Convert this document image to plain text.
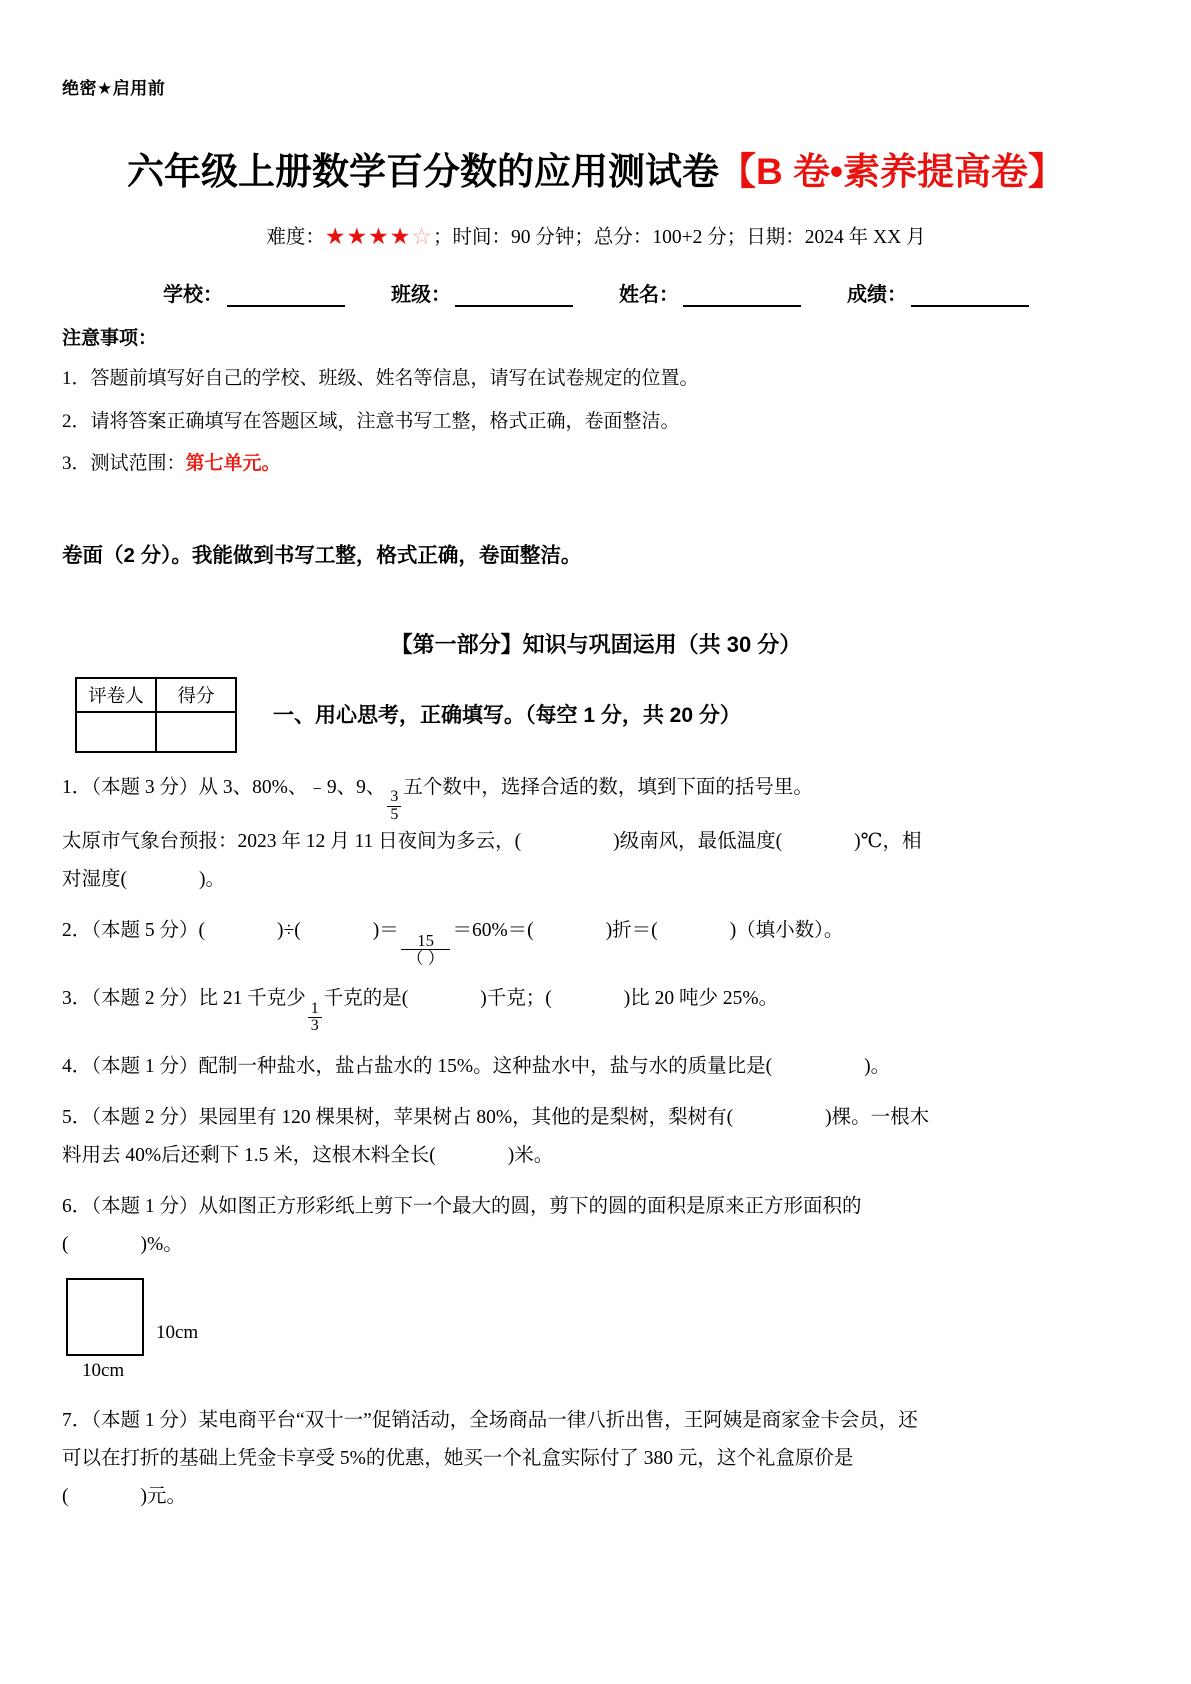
绝密★启用前
六年级上册数学百分数的应用测试卷【B 卷•素养提高卷】
难度：★★★★☆；时间：90 分钟；总分：100+2 分；日期：2024 年 XX 月
学校：	班级：	姓名：	成绩：
注意事项：
1．答题前填写好自己的学校、班级、姓名等信息，请写在试卷规定的位置。
2．请将答案正确填写在答题区域，注意书写工整，格式正确，卷面整洁。
3．测试范围：第七单元。
卷面（2 分）。我能做到书写工整，格式正确，卷面整洁。
【第一部分】知识与巩固运用（共 30 分）
评卷人	得分

一、用心思考，正确填写。（每空 1 分，共 20 分）
1．（本题 3 分）从 3、80%、﹣9、9、
$\frac{3}{5}$
五个数中，选择合适的数，填到下面的括号里。
太原市气象台预报：2023 年 12 月 11 日夜间为多云，(	)级南风，最低温度(	)℃，相
对湿度(	)。
2．（本题 5 分）(	)÷(	)＝
$\frac{15}{( )}$
＝60%＝(	)折＝(	)（填小数）。
3．（本题 2 分）比 21 千克少
$\frac{1}{3}$
千克的是(	)千克；(	)比 20 吨少 25%。
4．（本题 1 分）配制一种盐水，盐占盐水的 15%。这种盐水中，盐与水的质量比是(	)。
5．（本题 2 分）果园里有 120 棵果树，苹果树占 80%，其他的是梨树，梨树有(	)棵。一根木
料用去 40%后还剩下 1.5 米，这根木料全长(	)米。
6．（本题 1 分）从如图正方形彩纸上剪下一个最大的圆，剪下的圆的面积是原来正方形面积的
(	)%。
10cm
10cm
7．（本题 1 分）某电商平台“双十一”促销活动，全场商品一律八折出售，王阿姨是商家金卡会员，还
可以在打折的基础上凭金卡享受 5%的优惠，她买一个礼盒实际付了 380 元，这个礼盒原价是
(	)元。
